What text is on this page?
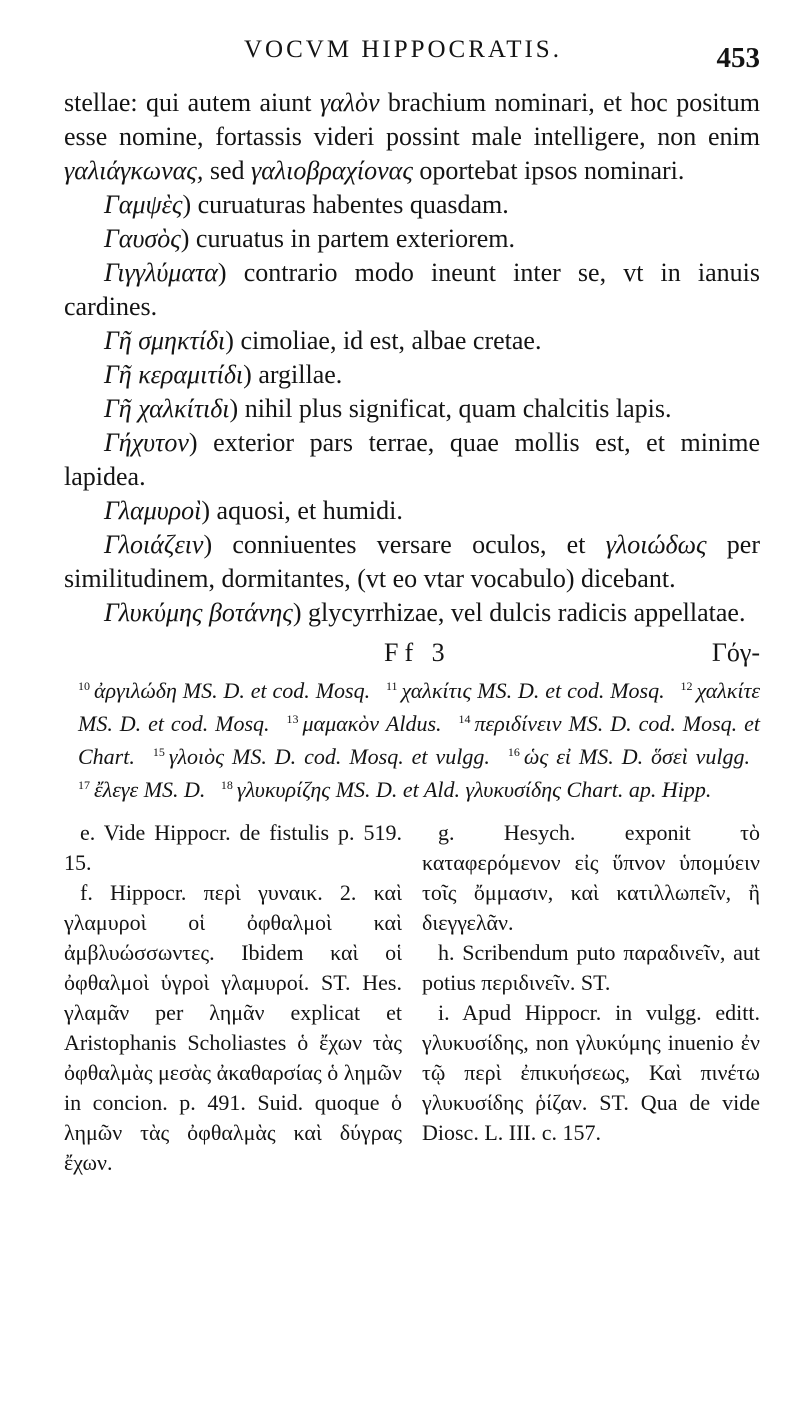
VOCVM HIPPOCRATIS.	453

stellae: qui autem aiunt γαλὸν brachium nominari, et hoc positum esse nomine, fortassis videri possint male intelligere, non enim γαλιάγκωνας, sed γαλιοβραχίονας oportebat ipsos nominari.

Γαμψὲς) curuaturas habentes quasdam.

Γαυσὸς) curuatus in partem exteriorem.

Γιγγλύματα) contrario modo ineunt inter se, vt in ianuis cardines.

Γῆ σμηκτίδι) cimoliae, id est, albae cretae.

Γῆ κεραμιτίδι) argillae.

Γῆ χαλκίτιδι) nihil plus significat, quam chalcitis lapis.

Γήχυτον) exterior pars terrae, quae mollis est, et minime lapidea.

Γλαμυροὶ) aquosi, et humidi.

Γλοιάζειν) conniuentes versare oculos, et γλοιώδως per similitudinem, dormitantes, (vt eo vtar vocabulo) dicebant.

Γλυκύμης βοτάνης) glycyrrhizae, vel dulcis radicis appellatae.

Ff 3	Γόγ-
$^{10}$ ἀργιλώδη MS. D. et cod. Mosq. $^{11}$ χαλκίτις MS. D. et cod. Mosq. $^{12}$ χαλκίτε MS. D. et cod. Mosq. $^{13}$ μαμακὸν Aldus. $^{14}$ περιδίνειν MS. D. cod. Mosq. et Chart. $^{15}$ γλοιὸς MS. D. cod. Mosq. et vulgg. $^{16}$ ὡς εἰ MS. D. ὅσεὶ vulgg. $^{17}$ ἔλεγε MS. D. $^{18}$ γλυκυρίζης MS. D. et Ald. γλυκυσίδης Chart. ap. Hipp.

e. Vide Hippocr. de fistulis p. 519. 15.

f. Hippocr. περὶ γυναικ. 2. καὶ γλαμυροὶ οἱ ὀφθαλμοὶ καὶ ἀμβλυώσσωντες. Ibidem καὶ οἱ ὀφθαλμοὶ ὑγροὶ γλαμυροί. ST. Hes. γλαμᾶν per λημᾶν explicat et Aristophanis Scholiastes ὁ ἔχων τὰς ὀφθαλμὰς μεσὰς ἀκαθαρσίας ὁ λημῶν in concion. p. 491. Suid. quoque ὁ λημῶν τὰς ὀφθαλμὰς καὶ δύγρας ἔχων.

g. Hesych. exponit τὸ καταφερόμενον εἰς ὕπνον ὑπομύειν τοῖς ὄμμασιν, καὶ κατιλλωπεῖν, ἢ διεγγελᾶν.

h. Scribendum puto παραδινεῖν, aut potius περιδινεῖν. ST.

i. Apud Hippocr. in vulgg. editt. γλυκυσίδης, non γλυκύμης inuenio ἐν τῷ περὶ ἐπικυήσεως, Καὶ πινέτω γλυκυσίδης ῥίζαν. ST. Qua de vide Diosc. L. III. c. 157.
